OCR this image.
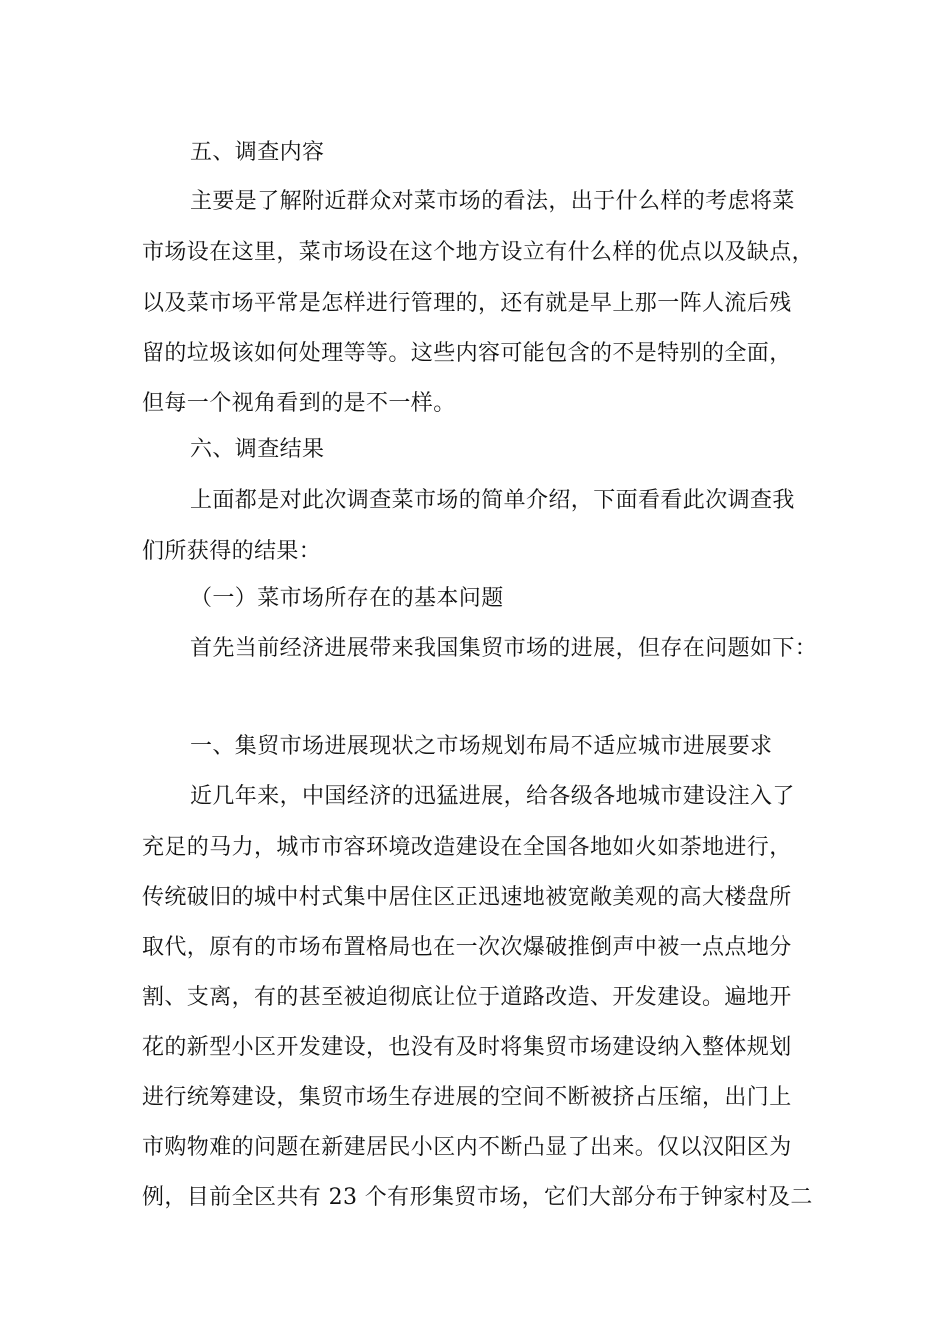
五、调查内容
主要是了解附近群众对菜市场的看法，出于什么样的考虑将菜
市场设在这里，菜市场设在这个地方设立有什么样的优点以及缺点，
以及菜市场平常是怎样进行管理的，还有就是早上那一阵人流后残
留的垃圾该如何处理等等。这些内容可能包含的不是特别的全面，
但每一个视角看到的是不一样。
六、调查结果
上面都是对此次调查菜市场的简单介绍，下面看看此次调查我
们所获得的结果：
（一）菜市场所存在的基本问题
首先当前经济进展带来我国集贸市场的进展，但存在问题如下：
一、集贸市场进展现状之市场规划布局不适应城市进展要求
近几年来，中国经济的迅猛进展，给各级各地城市建设注入了
充足的马力，城市市容环境改造建设在全国各地如火如荼地进行，
传统破旧的城中村式集中居住区正迅速地被宽敞美观的高大楼盘所
取代，原有的市场布置格局也在一次次爆破推倒声中被一点点地分
割、支离，有的甚至被迫彻底让位于道路改造、开发建设。遍地开
花的新型小区开发建设，也没有及时将集贸市场建设纳入整体规划
进行统筹建设，集贸市场生存进展的空间不断被挤占压缩，出门上
市购物难的问题在新建居民小区内不断凸显了出来。仅以汉阳区为
例，目前全区共有 23 个有形集贸市场，它们大部分布于钟家村及二
